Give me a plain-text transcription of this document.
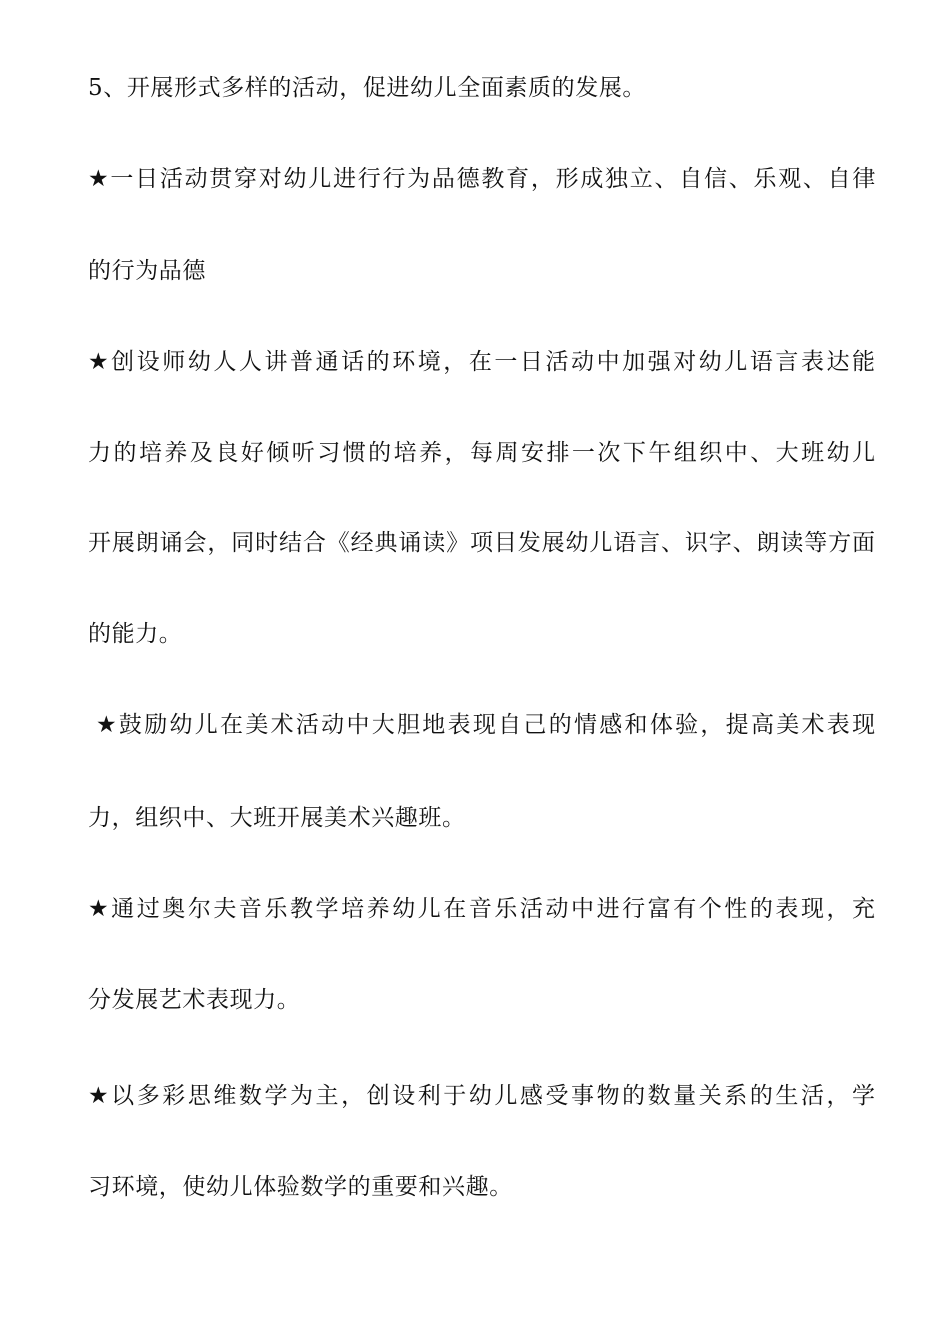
5、开展形式多样的活动，促进幼儿全面素质的发展。
★ 一 日 活 动 贯 穿 对 幼 儿 进 行 行 为 品 德 教 育 ， 形 成 独 立 、 自 信 、 乐 观 、 自 律
的行为品德
★ 创 设 师 幼 人 人 讲 普 通 话 的 环 境 ， 在 一 日 活 动 中 加 强 对 幼 儿 语 言 表 达 能
力 的 培 养 及 良 好 倾 听 习 惯 的 培 养 ， 每 周 安 排 一 次 下 午 组 织 中 、 大 班 幼 儿
开 展 朗 诵 会 ， 同 时 结 合 《 经 典 诵 读 》 项 目 发 展 幼 儿 语 言 、 识 字 、 朗 读 等 方 面
的能力。
★ 鼓 励 幼 儿 在 美 术 活 动 中 大 胆 地 表 现 自 己 的 情 感 和 体 验 ， 提 高 美 术 表 现
力，组织中、大班开展美术兴趣班。
★ 通 过 奥 尔 夫 音 乐 教 学 培 养 幼 儿 在 音 乐 活 动 中 进 行 富 有 个 性 的 表 现 ， 充
分发展艺术表现力。
★ 以 多 彩 思 维 数 学 为 主 ， 创 设 利 于 幼 儿 感 受 事 物 的 数 量 关 系 的 生 活 ， 学
习环境，使幼儿体验数学的重要和兴趣。
